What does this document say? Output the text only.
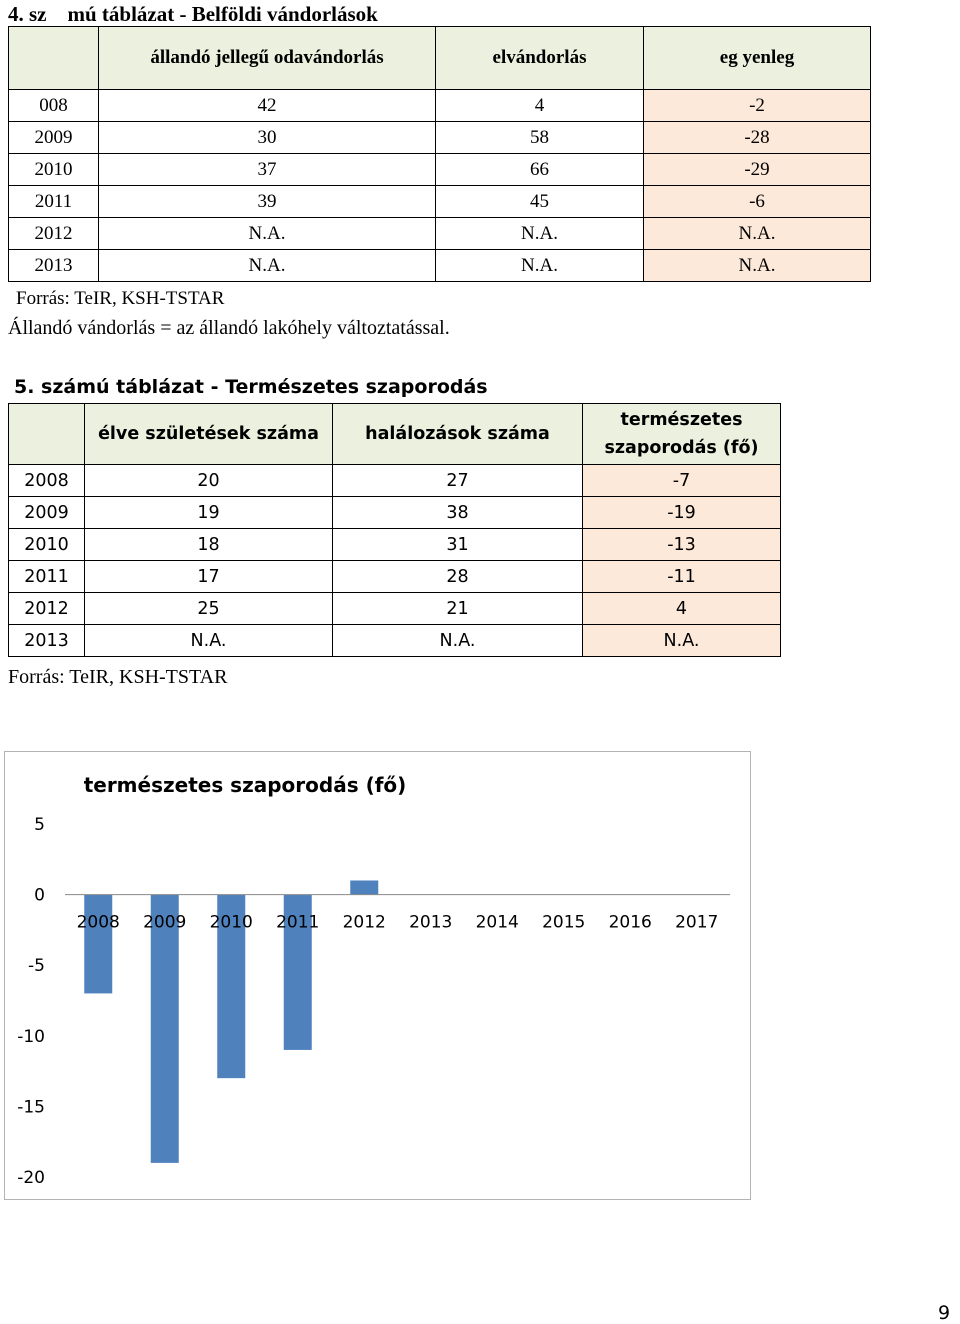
4. sz    mú táblázat - Belföldi vándorlások
	állandó jellegű odavándorlás	elvándorlás	eg yenleg
008	42	4	-2
2009	30	58	-28
2010	37	66	-29
2011	39	45	-6
2012	N.A.	N.A.	N.A.
2013	N.A.	N.A.	N.A.
Forrás: TeIR, KSH-TSTAR
Állandó vándorlás = az állandó lakóhely változtatással.
5. számú táblázat - Természetes szaporodás
	élve születések száma	halálozások száma	természetes szaporodás (fő)
2008	20	27	-7
2009	19	38	-19
2010	18	31	-13
2011	17	28	-11
2012	25	21	4
2013	N.A.	N.A.	N.A.
Forrás: TeIR, KSH-TSTAR
természetes szaporodás (fő)
5
0
-5
-10
-15
-20
2008 2009 2010 2011 2012 2013 2014 2015 2016 2017
9
